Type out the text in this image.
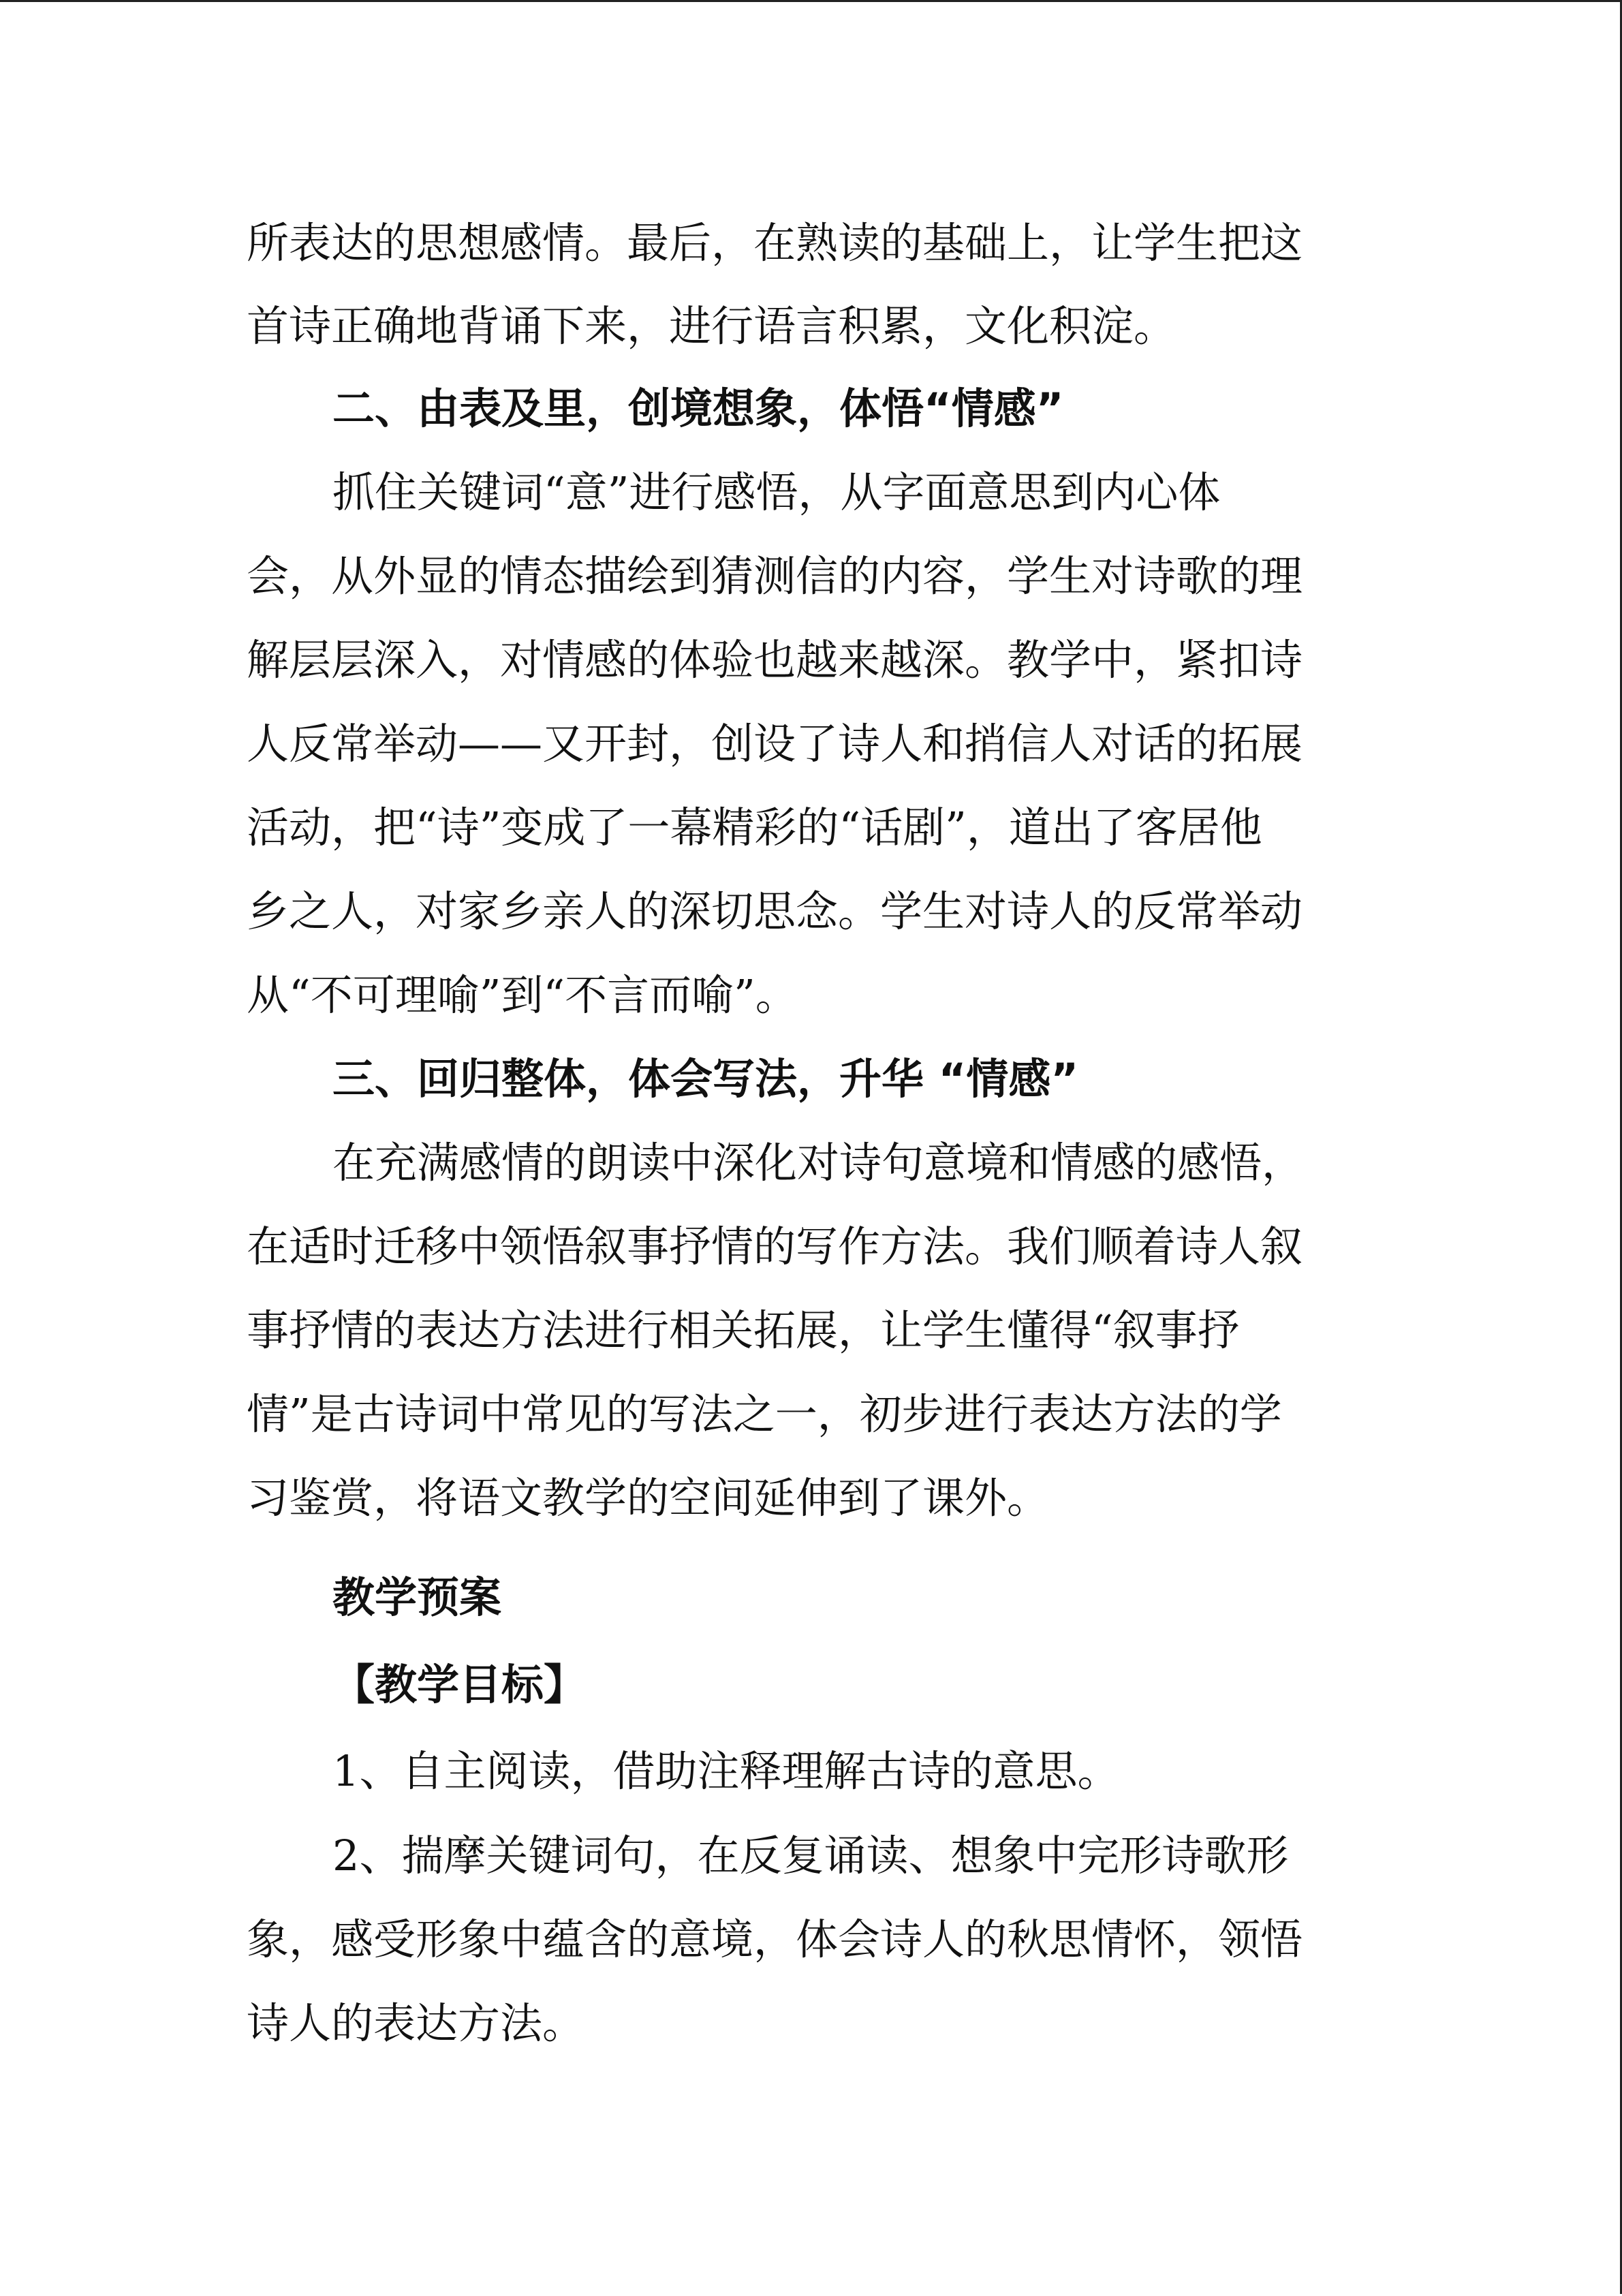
所表达的思想感情。最后，在熟读的基础上，让学生把这
首诗正确地背诵下来，进行语言积累，文化积淀。
二、由表及里，创境想象，体悟“情感”
抓住关键词“意”进行感悟，从字面意思到内心体
会，从外显的情态描绘到猜测信的内容，学生对诗歌的理
解层层深入，对情感的体验也越来越深。教学中，紧扣诗
人反常举动——又开封，创设了诗人和捎信人对话的拓展
活动，把“诗”变成了一幕精彩的“话剧”，道出了客居他
乡之人，对家乡亲人的深切思念。学生对诗人的反常举动
从“不可理喻”到“不言而喻”。
三、回归整体，体会写法，升华 “情感”
在充满感情的朗读中深化对诗句意境和情感的感悟，
在适时迁移中领悟叙事抒情的写作方法。我们顺着诗人叙
事抒情的表达方法进行相关拓展，让学生懂得“叙事抒
情”是古诗词中常见的写法之一，初步进行表达方法的学
习鉴赏，将语文教学的空间延伸到了课外。
教学预案
【教学目标】
1、自主阅读，借助注释理解古诗的意思。
2、揣摩关键词句，在反复诵读、想象中完形诗歌形
象，感受形象中蕴含的意境，体会诗人的秋思情怀，领悟
诗人的表达方法。
